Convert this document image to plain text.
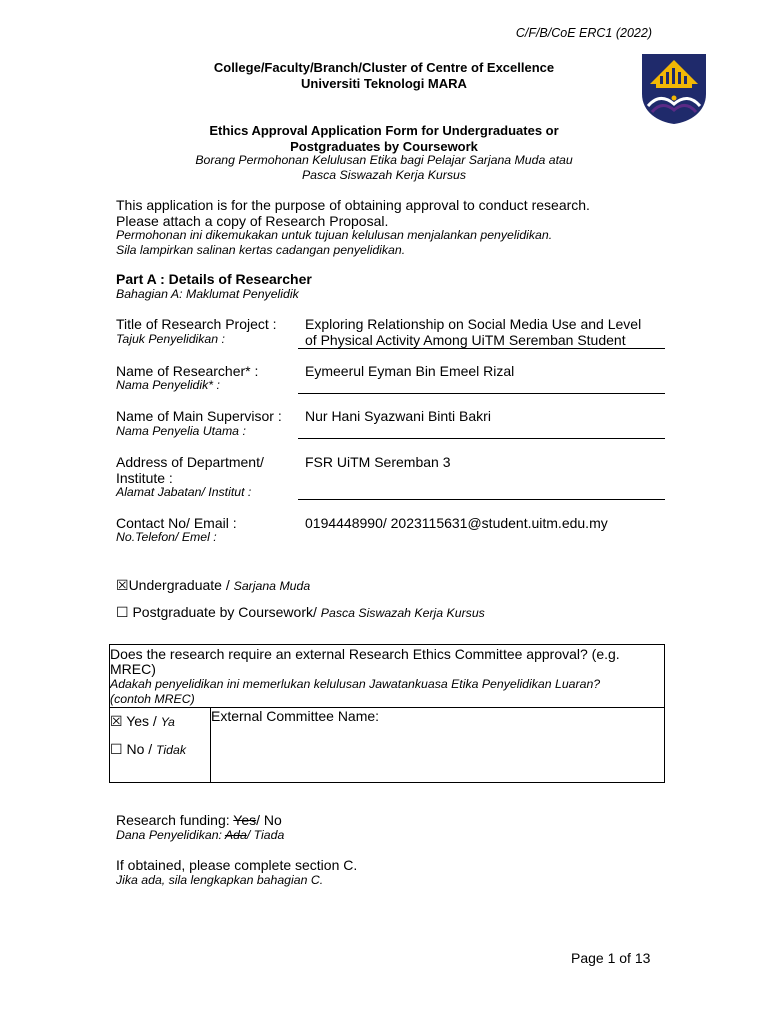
C/F/B/CoE ERC1 (2022)
College/Faculty/Branch/Cluster of Centre of Excellence
Universiti Teknologi MARA
Ethics Approval Application Form for Undergraduates or
Postgraduates by Coursework
Borang Permohonan Kelulusan Etika bagi Pelajar Sarjana Muda atau
Pasca Siswazah Kerja Kursus
This application is for the purpose of obtaining approval to conduct research.
Please attach a copy of Research Proposal.
Permohonan ini dikemukakan untuk tujuan kelulusan menjalankan penyelidikan.
Sila lampirkan salinan kertas cadangan penyelidikan.
Part A : Details of Researcher
Bahagian A: Maklumat Penyelidik
Title of Research Project :
Tajuk Penyelidikan :
Exploring Relationship on Social Media Use and Level
of Physical Activity Among UiTM Seremban Student
Name of Researcher* :
Nama Penyelidik* :
Eymeerul Eyman Bin Emeel Rizal
Name of Main Supervisor :
Nama Penyelia Utama :
Nur Hani Syazwani Binti Bakri
Address of Department/
Institute :
Alamat Jabatan/ Institut :
FSR UiTM Seremban 3
Contact No/ Email :
No.Telefon/ Emel :
0194448990/ 2023115631@student.uitm.edu.my
☒Undergraduate / Sarjana Muda
☐ Postgraduate by Coursework/ Pasca Siswazah Kerja Kursus
Does the research require an external Research Ethics Committee approval? (e.g.
MREC)
Adakah penyelidikan ini memerlukan kelulusan Jawatankuasa Etika Penyelidikan Luaran?
(contoh MREC)

☒ Yes / Ya
☐ No / Tidak

External Committee Name:
Research funding: Yes/ No
Dana Penyelidikan: Ada/ Tiada
If obtained, please complete section C.
Jika ada, sila lengkapkan bahagian C.
Page 1 of 13
